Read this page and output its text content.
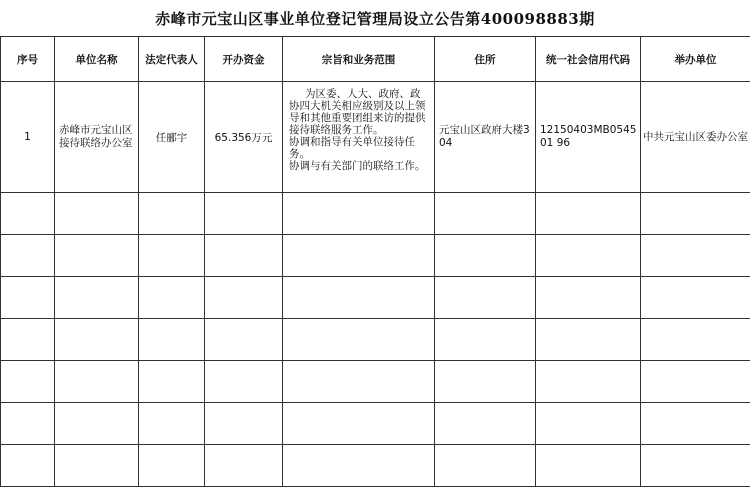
赤峰市元宝山区事业单位登记管理局设立公告第400098883期
序号	单位名称	法定代表人	开办资金	宗旨和业务范围	住所	统一社会信用代码	举办单位
1	赤峰市元宝山区接待联络办公室	任郦宇	65.356万元	为区委、人大、政府、政协四大机关相应级别及以上领导和其他重要团组来访的提供接待联络服务工作。
协调和指导有关单位接待任务。
协调与有关部门的联络工作。	元宝山区政府大楼304	12150403MB054501 96	中共元宝山区委办公室
